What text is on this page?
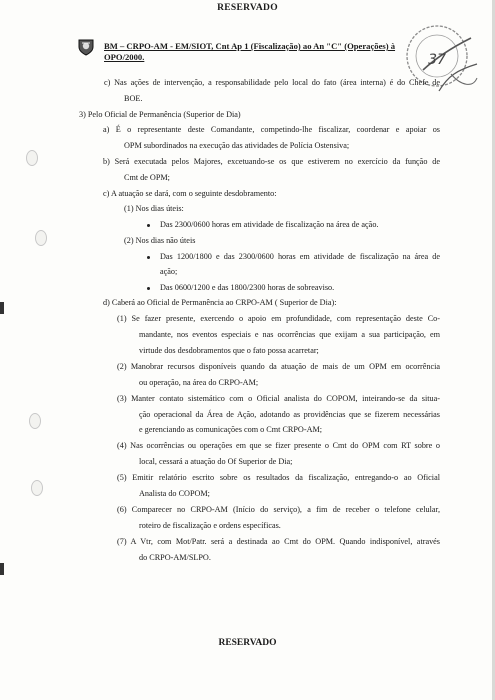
RESERVADO
BM – CRPO-AM - EM/SIOT, Cnt Ap 1 (Fiscalização) ao An "C" (Operações) à
OPO/2000.	37
c) Nas ações de intervenção, a responsabilidade pelo local do fato (área interna) é do Chefe de
BOE.
3) Pelo Oficial de Permanência (Superior de Dia)
a) É o representante deste Comandante, competindo-lhe fiscalizar, coordenar e apoiar os
OPM subordinados na execução das atividades de Polícia Ostensiva;
b) Será executada pelos Majores, excetuando-se os que estiverem no exercício da função de
Cmt de OPM;
c) A atuação se dará, com o seguinte desdobramento:
(1) Nos dias úteis:
Das 2300/0600 horas em atividade de fiscalização na área de ação.
(2) Nos dias não úteis
Das 1200/1800 e das 2300/0600 horas em atividade de fiscalização na área de
ação;
Das 0600/1200 e das 1800/2300 horas de sobreaviso.
d) Caberá ao Oficial de Permanência ao CRPO-AM ( Superior de Dia):
(1) Se fazer presente, exercendo o apoio em profundidade, com representação deste Co-
mandante, nos eventos especiais e nas ocorrências que exijam a sua participação, em
virtude dos desdobramentos que o fato possa acarretar;
(2) Manobrar recursos disponíveis quando da atuação de mais de um OPM em ocorrência
ou operação, na área do CRPO-AM;
(3) Manter contato sistemático com o Oficial analista do COPOM, inteirando-se da situa-
ção operacional da Área de Ação, adotando as providências que se fizerem necessárias
e gerenciando as comunicações com o Cmt CRPO-AM;
(4) Nas ocorrências ou operações em que se fizer presente o Cmt do OPM com RT sobre o
local, cessará a atuação do Of Superior de Dia;
(5) Emitir relatório escrito sobre os resultados da fiscalização, entregando-o ao Oficial
Analista do COPOM;
(6) Comparecer no CRPO-AM (Início do serviço), a fim de receber o telefone celular,
roteiro de fiscalização e ordens específicas.
(7) A Vtr, com Mot/Patr. será a destinada ao Cmt do OPM. Quando indisponível, através
do CRPO-AM/SLPO.
RESERVADO
